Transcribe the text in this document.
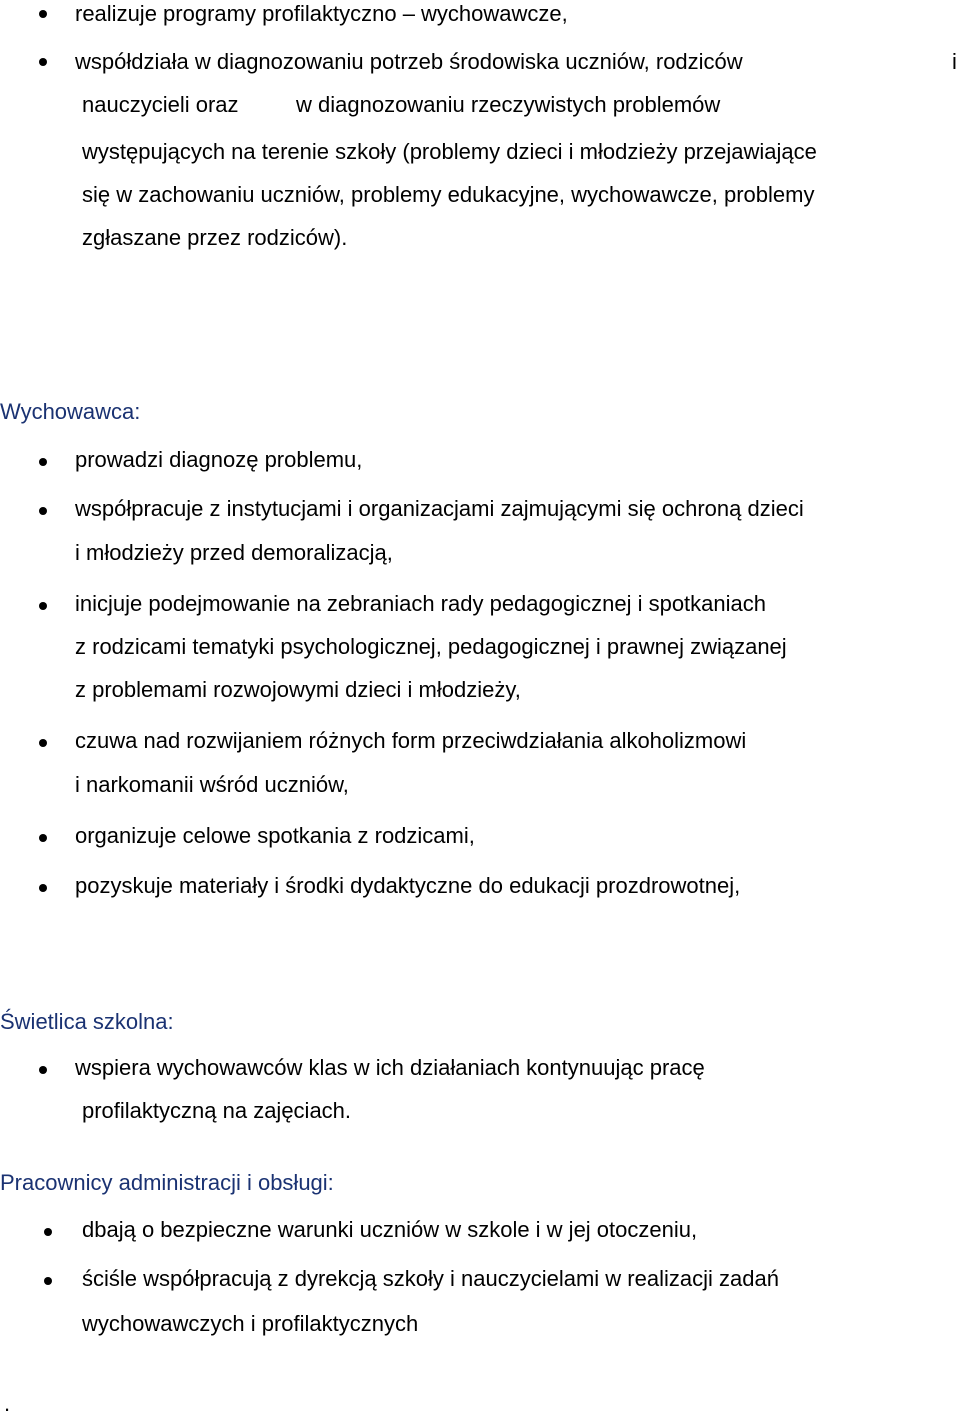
realizuje programy profilaktyczno – wychowawcze,
współdziała w diagnozowaniu potrzeb środowiska uczniów, rodziców	i
nauczycieli oraz	w diagnozowaniu rzeczywistych problemów
występujących na terenie szkoły (problemy dzieci i młodzieży przejawiające
się w zachowaniu uczniów, problemy edukacyjne, wychowawcze, problemy
zgłaszane przez rodziców).
Wychowawca:
prowadzi diagnozę problemu,
współpracuje z instytucjami i organizacjami zajmującymi się ochroną dzieci
i młodzieży przed demoralizacją,
inicjuje podejmowanie na zebraniach rady pedagogicznej i spotkaniach
z rodzicami tematyki psychologicznej, pedagogicznej i prawnej związanej
z problemami rozwojowymi dzieci i młodzieży,
czuwa nad rozwijaniem różnych form przeciwdziałania alkoholizmowi
i narkomanii wśród uczniów,
organizuje celowe spotkania z rodzicami,
pozyskuje materiały i środki dydaktyczne do edukacji prozdrowotnej,
Świetlica szkolna:
wspiera wychowawców klas w ich działaniach kontynuując pracę
profilaktyczną na zajęciach.
Pracownicy administracji i obsługi:
dbają o bezpieczne warunki uczniów w szkole i w jej otoczeniu,
ściśle współpracują z dyrekcją szkoły i nauczycielami w realizacji zadań
wychowawczych i profilaktycznych
.
